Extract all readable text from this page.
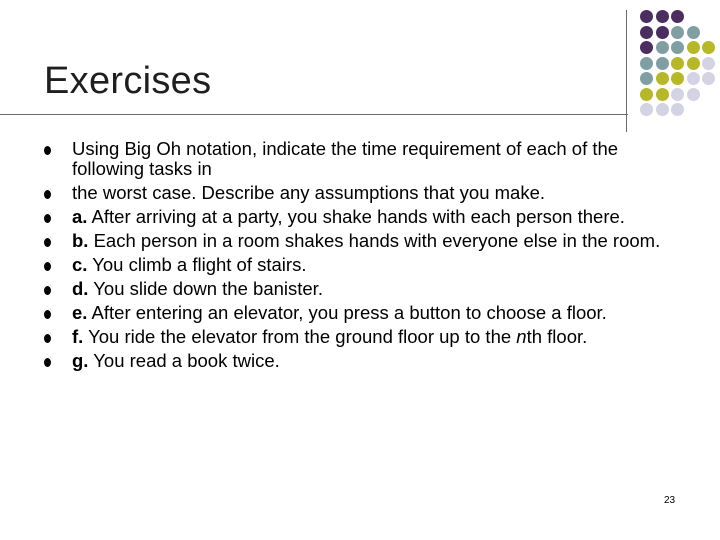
Exercises
Using Big Oh notation, indicate the time requirement of each of the following tasks in
the worst case. Describe any assumptions that you make.
a. After arriving at a party, you shake hands with each person there.
b. Each person in a room shakes hands with everyone else in the room.
c. You climb a flight of stairs.
d. You slide down the banister.
e. After entering an elevator, you press a button to choose a floor.
f. You ride the elevator from the ground floor up to the nth floor.
g. You read a book twice.
23
